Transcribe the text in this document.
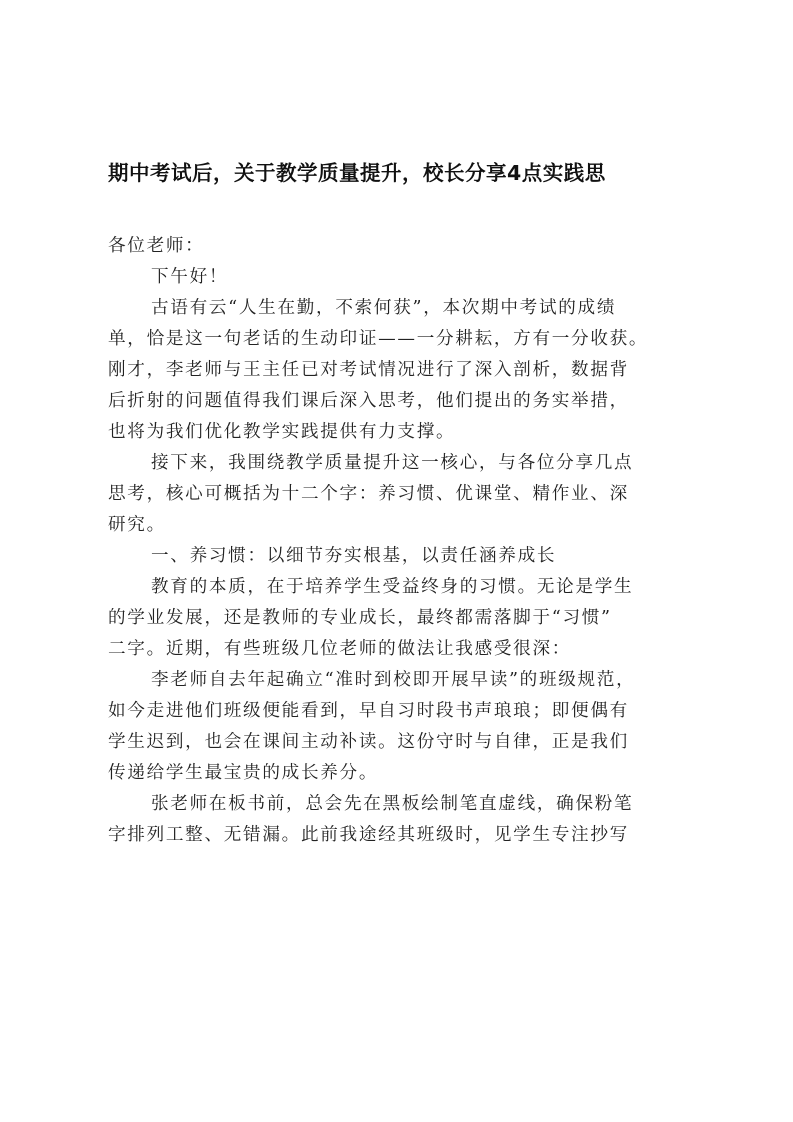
期中考试后，关于教学质量提升，校长分享4点实践思
各位老师：
下午好！
古语有云“人生在勤，不索何获”，本次期中考试的成绩
单，恰是这一句老话的生动印证——一分耕耘，方有一分收获。
刚才，李老师与王主任已对考试情况进行了深入剖析，数据背
后折射的问题值得我们课后深入思考，他们提出的务实举措，
也将为我们优化教学实践提供有力支撑。
接下来，我围绕教学质量提升这一核心，与各位分享几点
思考，核心可概括为十二个字：养习惯、优课堂、精作业、深
研究。
一、养习惯：以细节夯实根基，以责任涵养成长
教育的本质，在于培养学生受益终身的习惯。无论是学生
的学业发展，还是教师的专业成长，最终都需落脚于“习惯”
二字。近期，有些班级几位老师的做法让我感受很深：
李老师自去年起确立“准时到校即开展早读”的班级规范，
如今走进他们班级便能看到，早自习时段书声琅琅；即便偶有
学生迟到，也会在课间主动补读。这份守时与自律，正是我们
传递给学生最宝贵的成长养分。
张老师在板书前，总会先在黑板绘制笔直虚线，确保粉笔
字排列工整、无错漏。此前我途经其班级时，见学生专注抄写
